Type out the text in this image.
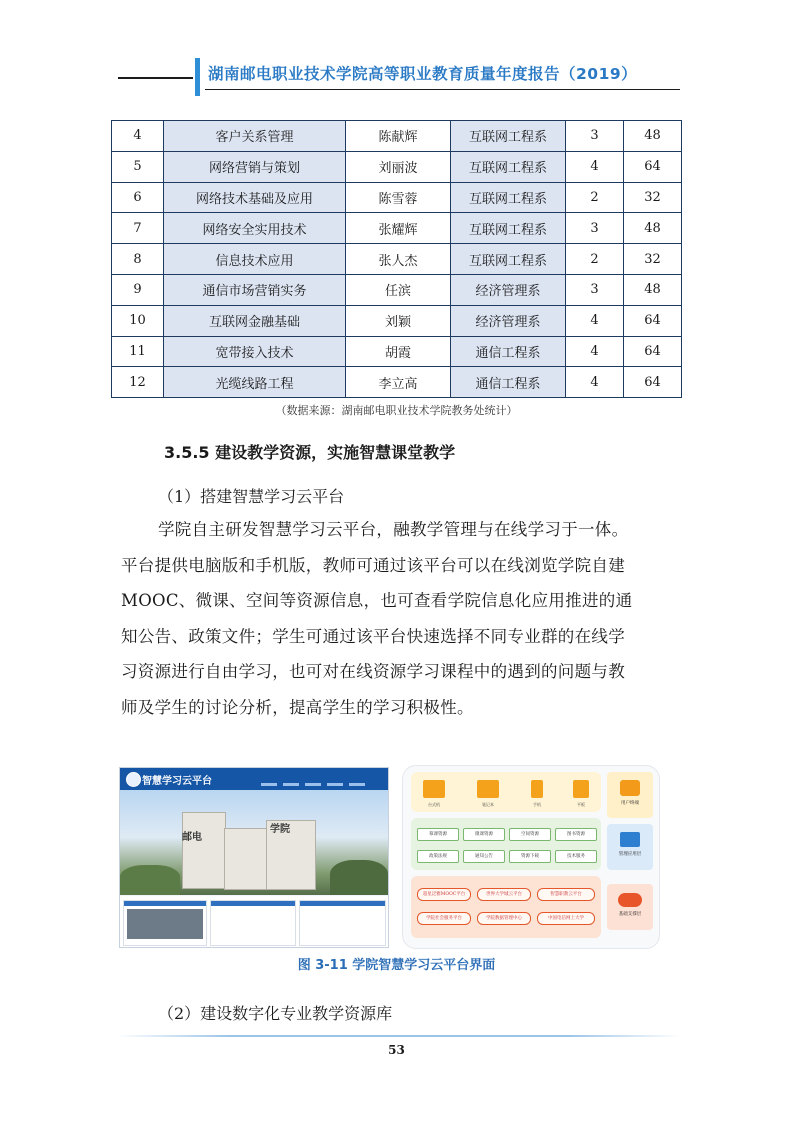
湖南邮电职业技术学院高等职业教育质量年度报告（2019）
4	客户关系管理	陈献辉	互联网工程系	3	48
5	网络营销与策划	刘丽波	互联网工程系	4	64
6	网络技术基础及应用	陈雪蓉	互联网工程系	2	32
7	网络安全实用技术	张耀辉	互联网工程系	3	48
8	信息技术应用	张人杰	互联网工程系	2	32
9	通信市场营销实务	任滨	经济管理系	3	48
10	互联网金融基础	刘颖	经济管理系	4	64
11	宽带接入技术	胡霞	通信工程系	4	64
12	光缆线路工程	李立高	通信工程系	4	64
（数据来源：湖南邮电职业技术学院教务处统计）
3.5.5 建设教学资源，实施智慧课堂教学
（1）搭建智慧学习云平台
学院自主研发智慧学习云平台，融教学管理与在线学习于一体。
平台提供电脑版和手机版，教师可通过该平台可以在线浏览学院自建
MOOC、微课、空间等资源信息，也可查看学院信息化应用推进的通
知公告、政策文件；学生可通过该平台快速选择不同专业群的在线学
习资源进行自由学习，也可对在线资源学习课程中的遇到的问题与教
师及学生的讨论分析，提高学生的学习积极性。
智慧学习云平台
邮电
学院
台式机	笔记本	手机	平板
慕课资源	微课资源	空间资源	图书资源
政策法规	通知公告	资源下载	技术服务
超星泛雅MOOC平台	世界大学城云平台	智慧职教云平台
学院社会服务平台	学院数据管理中心	中国电信网上大学
用户终端
管理应用层
基础支撑层
图 3-11 学院智慧学习云平台界面
（2）建设数字化专业教学资源库
53
